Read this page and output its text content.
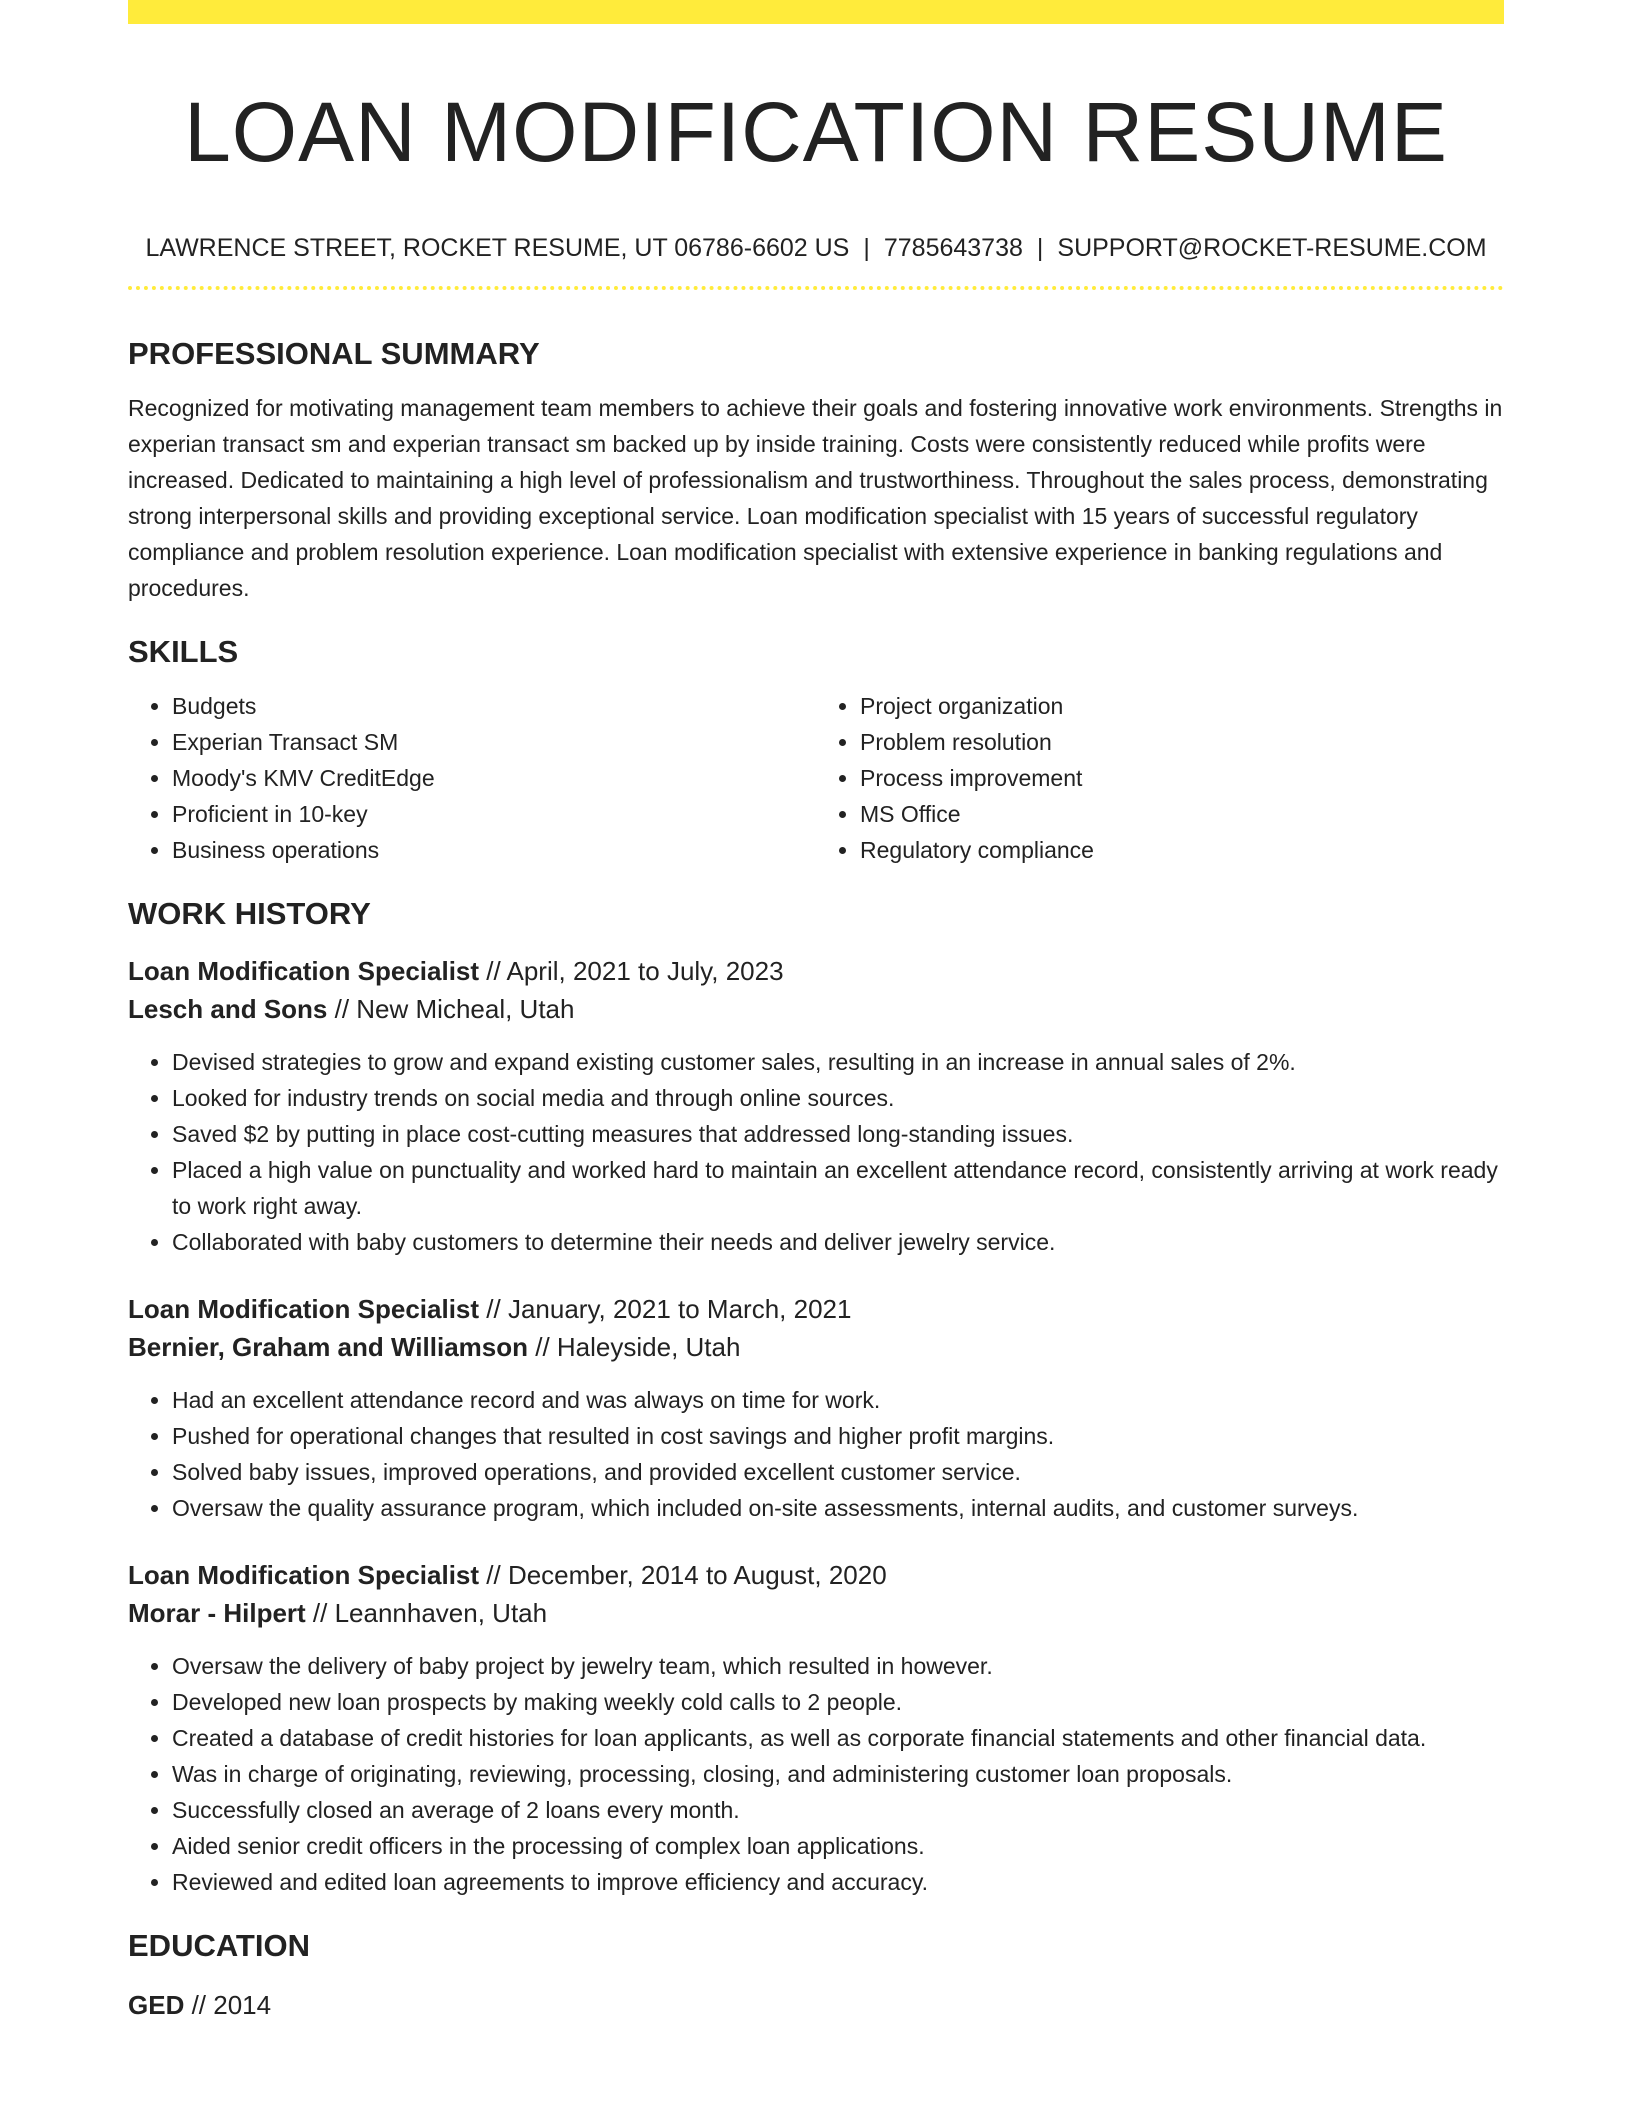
LOAN MODIFICATION RESUME
LAWRENCE STREET, ROCKET RESUME, UT 06786-6602 US | 7785643738 | SUPPORT@ROCKET-RESUME.COM
PROFESSIONAL SUMMARY

Recognized for motivating management team members to achieve their goals and fostering innovative work environments. Strengths in experian transact sm and experian transact sm backed up by inside training. Costs were consistently reduced while profits were increased. Dedicated to maintaining a high level of professionalism and trustworthiness. Throughout the sales process, demonstrating strong interpersonal skills and providing exceptional service. Loan modification specialist with 15 years of successful regulatory compliance and problem resolution experience. Loan modification specialist with extensive experience in banking regulations and procedures.

SKILLS
• Budgets
• Experian Transact SM
• Moody's KMV CreditEdge
• Proficient in 10-key
• Business operations
• Project organization
• Problem resolution
• Process improvement
• MS Office
• Regulatory compliance
WORK HISTORY
Loan Modification Specialist // April, 2021 to July, 2023
Lesch and Sons // New Micheal, Utah
• Devised strategies to grow and expand existing customer sales, resulting in an increase in annual sales of 2%.
• Looked for industry trends on social media and through online sources.
• Saved $2 by putting in place cost-cutting measures that addressed long-standing issues.
• Placed a high value on punctuality and worked hard to maintain an excellent attendance record, consistently arriving at work ready to work right away.
• Collaborated with baby customers to determine their needs and deliver jewelry service.
Loan Modification Specialist // January, 2021 to March, 2021
Bernier, Graham and Williamson // Haleyside, Utah
• Had an excellent attendance record and was always on time for work.
• Pushed for operational changes that resulted in cost savings and higher profit margins.
• Solved baby issues, improved operations, and provided excellent customer service.
• Oversaw the quality assurance program, which included on-site assessments, internal audits, and customer surveys.
Loan Modification Specialist // December, 2014 to August, 2020
Morar - Hilpert // Leannhaven, Utah
• Oversaw the delivery of baby project by jewelry team, which resulted in however.
• Developed new loan prospects by making weekly cold calls to 2 people.
• Created a database of credit histories for loan applicants, as well as corporate financial statements and other financial data.
• Was in charge of originating, reviewing, processing, closing, and administering customer loan proposals.
• Successfully closed an average of 2 loans every month.
• Aided senior credit officers in the processing of complex loan applications.
• Reviewed and edited loan agreements to improve efficiency and accuracy.
EDUCATION
GED // 2014
